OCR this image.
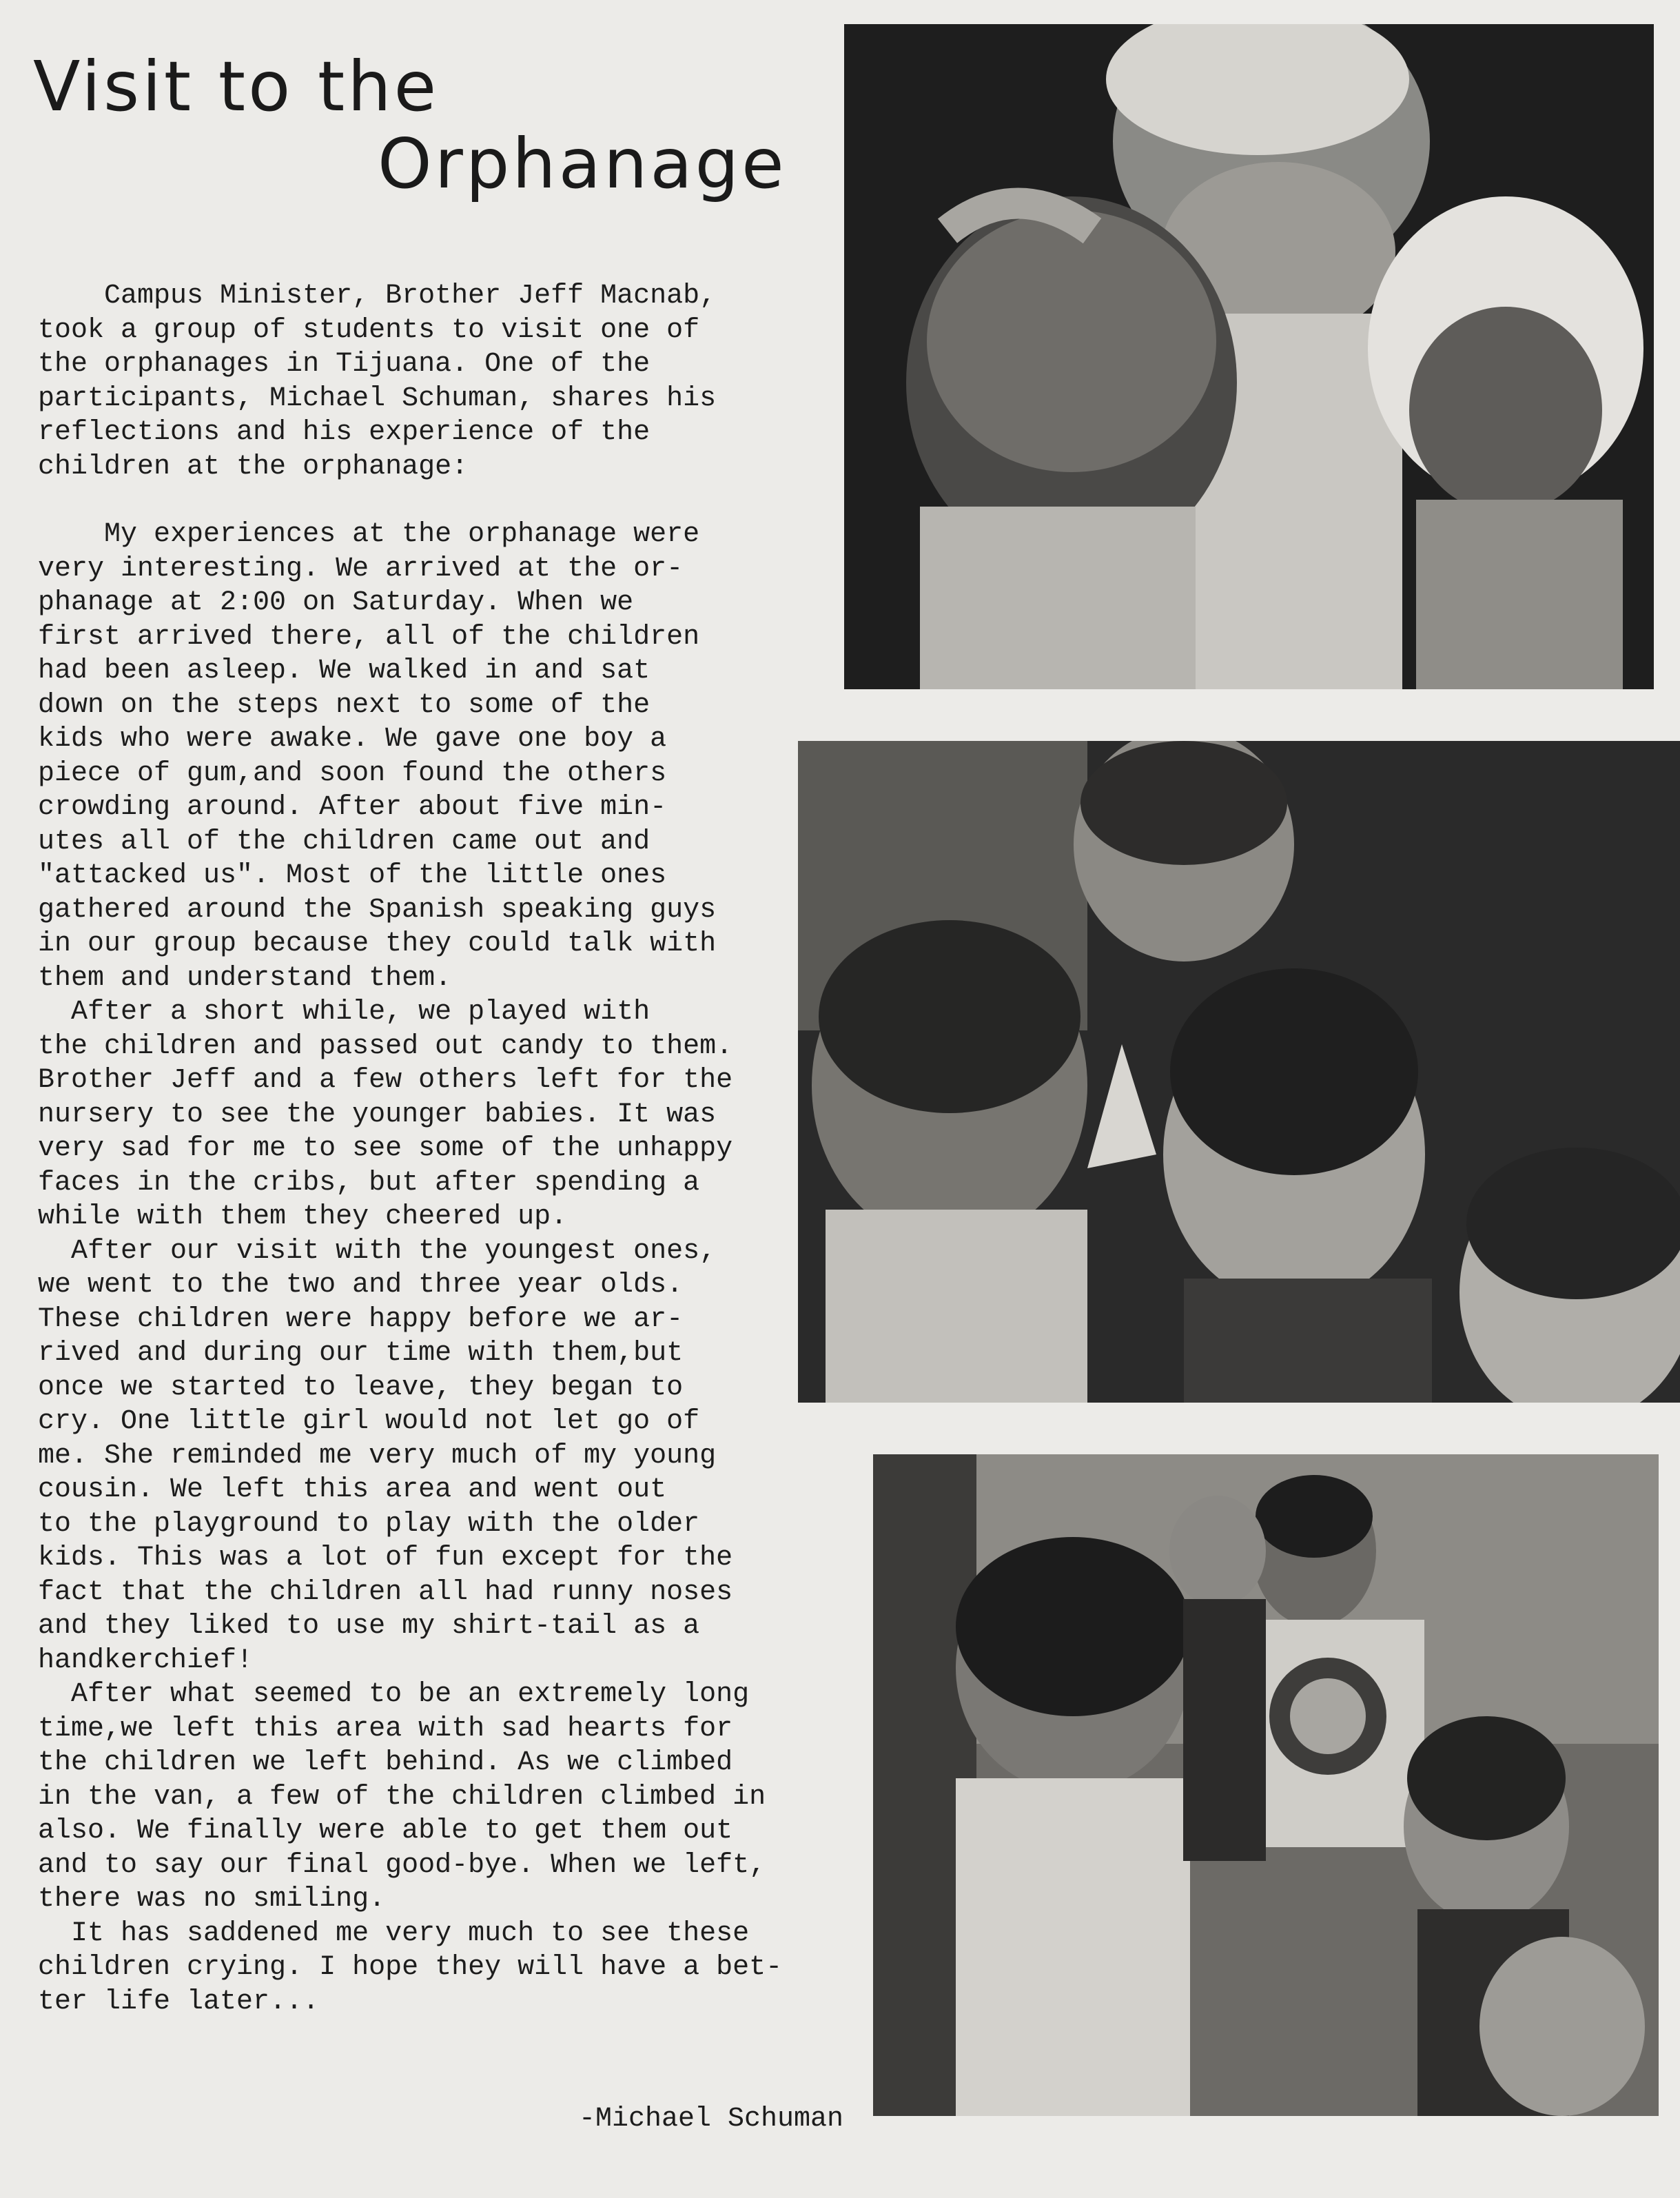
Visit to the
Orphanage

Campus Minister, Brother Jeff Macnab,

took a group of students to visit one of

the orphanages in Tijuana. One of the

participants, Michael Schuman, shares his

reflections and his experience of the

children at the orphanage:

My experiences at the orphanage were

very interesting. We arrived at the or-

phanage at 2:00 on Saturday. When we

first arrived there, all of the children

had been asleep. We walked in and sat

down on the steps next to some of the

kids who were awake. We gave one boy a

piece of gum,and soon found the others

crowding around. After about five min-

utes all of the children came out and

"attacked us". Most of the little ones

gathered around the Spanish speaking guys

in our group because they could talk with

them and understand them.

After a short while, we played with

the children and passed out candy to them.

Brother Jeff and a few others left for the

nursery to see the younger babies. It was

very sad for me to see some of the unhappy

faces in the cribs, but after spending a

while with them they cheered up.

After our visit with the youngest ones,

we went to the two and three year olds.

These children were happy before we ar-

rived and during our time with them,but

once we started to leave, they began to

cry. One little girl would not let go of

me. She reminded me very much of my young

cousin. We left this area and went out

to the playground to play with the older

kids. This was a lot of fun except for the

fact that the children all had runny noses

and they liked to use my shirt-tail as a

handkerchief!

After what seemed to be an extremely long

time,we left this area with sad hearts for

the children we left behind. As we climbed

in the van, a few of the children climbed in

also. We finally were able to get them out

and to say our final good-bye. When we left,

there was no smiling.

It has saddened me very much to see these

children crying. I hope they will have a bet-

ter life later...

-Michael Schuman
